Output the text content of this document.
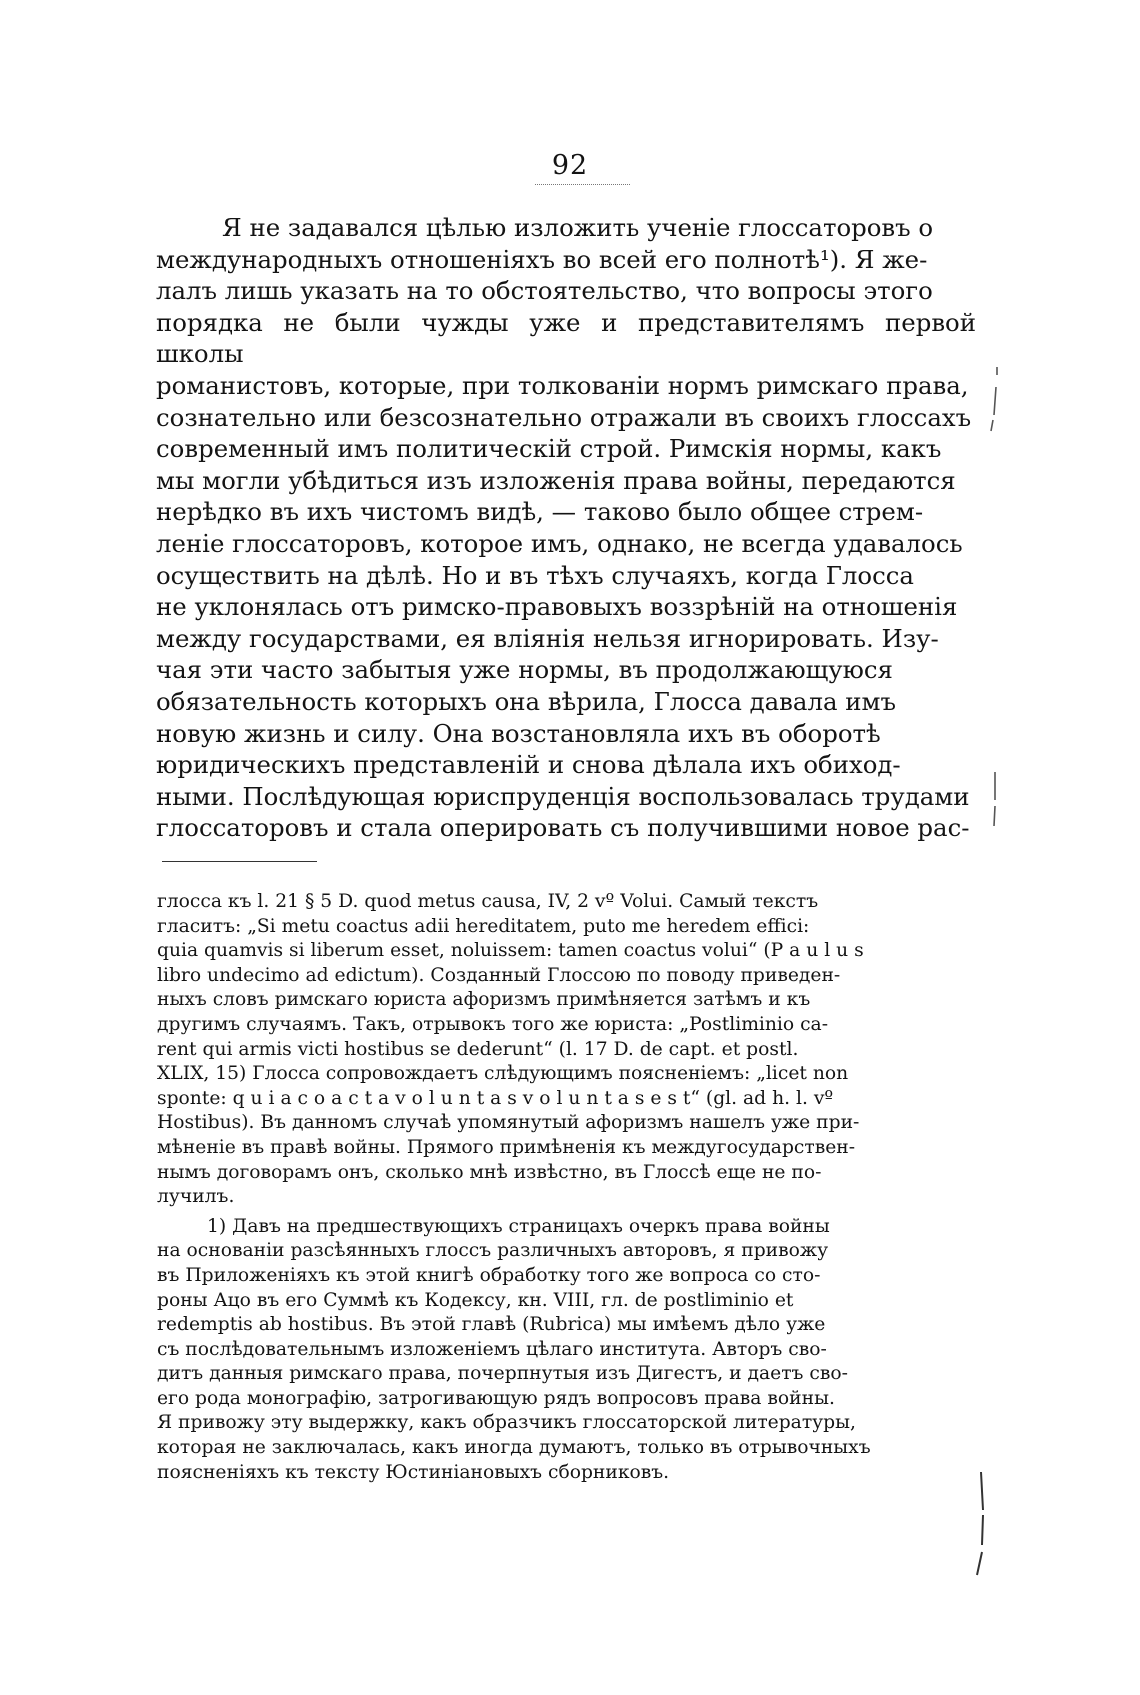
92
Я не задавался цѣлью изложить ученіе глоссаторовъ о
международныхъ отношеніяхъ во всей его полнотѣ¹). Я же-
лалъ лишь указать на то обстоятельство, что вопросы этого
порядка не были чужды уже и представителямъ первой школы
романистовъ, которые, при толкованіи нормъ римскаго права,
сознательно или безсознательно отражали въ своихъ глоссахъ
современный имъ политическій строй. Римскія нормы, какъ
мы могли убѣдиться изъ изложенія права войны, передаются
нерѣдко въ ихъ чистомъ видѣ, — таково было общее стрем-
леніе глоссаторовъ, которое имъ, однако, не всегда удавалось
осуществить на дѣлѣ. Но и въ тѣхъ случаяхъ, когда Глосса
не уклонялась отъ римско-правовыхъ воззрѣній на отношенія
между государствами, ея вліянія нельзя игнорировать. Изу-
чая эти часто забытыя уже нормы, въ продолжающуюся
обязательность которыхъ она вѣрила, Глосса давала имъ
новую жизнь и силу. Она возстановляла ихъ въ оборотѣ
юридическихъ представленій и снова дѣлала ихъ обиход-
ными. Послѣдующая юриспруденція воспользовалась трудами
глоссаторовъ и стала оперировать съ получившими новое рас-
глосса къ l. 21 § 5 D. quod metus causa, IV, 2 vº Volui. Самый текстъ
гласитъ: „Si metu coactus adii hereditatem, puto me heredem effici:
quia quamvis si liberum esset, noluissem: tamen coactus volui“ (P a u l u s
libro undecimo ad edictum). Созданный Глоссою по поводу приведен-
ныхъ словъ римскаго юриста афоризмъ примѣняется затѣмъ и къ
другимъ случаямъ. Такъ, отрывокъ того же юриста: „Postliminio ca-
rent qui armis victi hostibus se dederunt“ (l. 17 D. de capt. et postl.
XLIX, 15) Глосса сопровождаетъ слѣдующимъ поясненіемъ: „licet non
sponte: q u i a c o a c t a v o l u n t a s v o l u n t a s e s t“ (gl. ad h. l. vº
Hostibus). Въ данномъ случаѣ упомянутый афоризмъ нашелъ уже при-
мѣненіе въ правѣ войны. Прямого примѣненія къ междугосударствен-
нымъ договорамъ онъ, сколько мнѣ извѣстно, въ Глоссѣ еще не по-
лучилъ.
1) Давъ на предшествующихъ страницахъ очеркъ права войны
на основаніи разсѣянныхъ глоссъ различныхъ авторовъ, я привожу
въ Приложеніяхъ къ этой книгѣ обработку того же вопроса со сто-
роны Ацо въ его Суммѣ къ Кодексу, кн. VIII, гл. de postliminio et
redemptis ab hostibus. Въ этой главѣ (Rubrica) мы имѣемъ дѣло уже
съ послѣдовательнымъ изложеніемъ цѣлаго института. Авторъ сво-
дитъ данныя римскаго права, почерпнутыя изъ Дигестъ, и даетъ сво-
его рода монографію, затрогивающую рядъ вопросовъ права войны.
Я привожу эту выдержку, какъ образчикъ глоссаторской литературы,
которая не заключалась, какъ иногда думаютъ, только въ отрывочныхъ
поясненіяхъ къ тексту Юстиніановыхъ сборниковъ.
